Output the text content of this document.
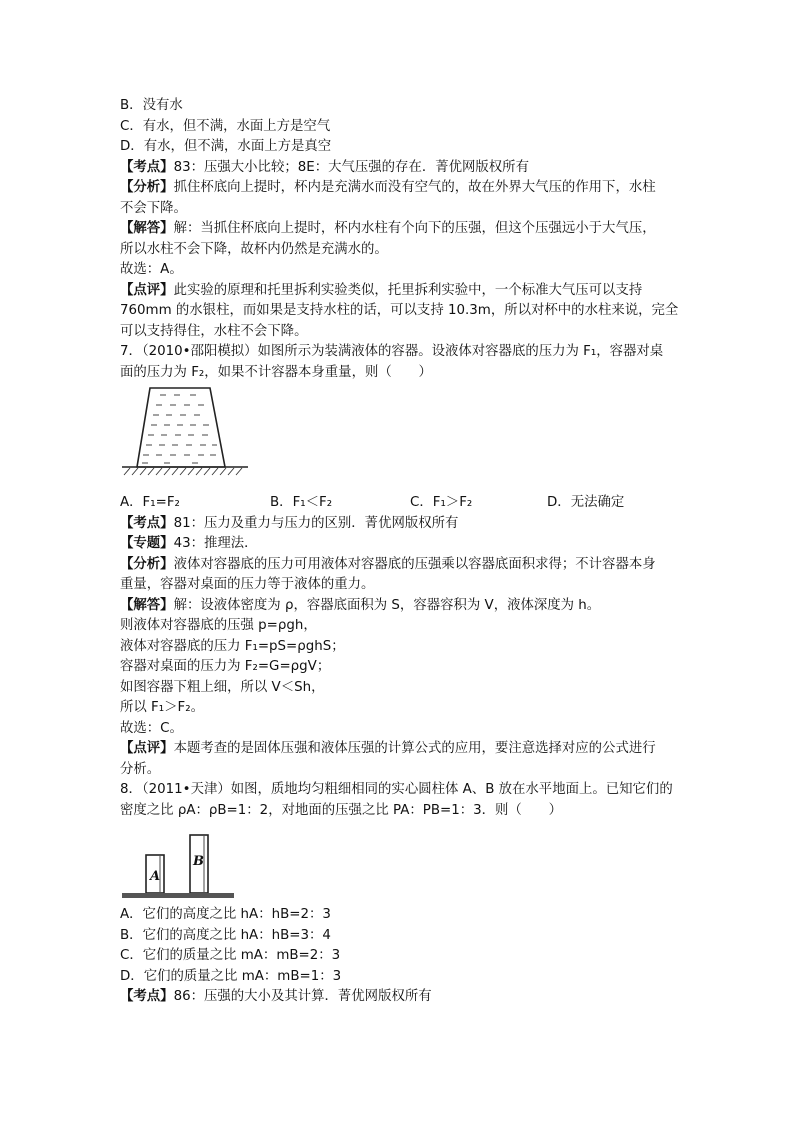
B．没有水
C．有水，但不满，水面上方是空气
D．有水，但不满，水面上方是真空
【考点】83：压强大小比较；8E：大气压强的存在．菁优网版权所有
【分析】抓住杯底向上提时，杯内是充满水而没有空气的，故在外界大气压的作用下，水柱
不会下降。
【解答】解：当抓住杯底向上提时，杯内水柱有个向下的压强，但这个压强远小于大气压，
所以水柱不会下降，故杯内仍然是充满水的。
故选：A。
【点评】此实验的原理和托里拆利实验类似，托里拆利实验中，一个标准大气压可以支持
760mm 的水银柱，而如果是支持水柱的话，可以支持 10.3m，所以对杯中的水柱来说，完全
可以支持得住，水柱不会下降。
7．（2010•邵阳模拟）如图所示为装满液体的容器。设液体对容器底的压力为 F₁，容器对桌
面的压力为 F₂，如果不计容器本身重量，则（　　）
A．F₁=F₂	B．F₁＜F₂	C．F₁＞F₂	D．无法确定
【考点】81：压力及重力与压力的区别．菁优网版权所有
【专题】43：推理法．
【分析】液体对容器底的压力可用液体对容器底的压强乘以容器底面积求得；不计容器本身
重量，容器对桌面的压力等于液体的重力。
【解答】解：设液体密度为 ρ，容器底面积为 S，容器容积为 V，液体深度为 h。
则液体对容器底的压强 p=ρgh，
液体对容器底的压力 F₁=pS=ρghS；
容器对桌面的压力为 F₂=G=ρgV；
如图容器下粗上细，所以 V＜Sh，
所以 F₁＞F₂。
故选：C。
【点评】本题考查的是固体压强和液体压强的计算公式的应用，要注意选择对应的公式进行
分析。
8．（2011•天津）如图，质地均匀粗细相同的实心圆柱体 A、B 放在水平地面上。已知它们的
密度之比 ρA：ρB=1：2，对地面的压强之比 PA：PB=1：3．则（　　）
A
B
A．它们的高度之比 hA：hB=2：3
B．它们的高度之比 hA：hB=3：4
C．它们的质量之比 mA：mB=2：3
D．它们的质量之比 mA：mB=1：3
【考点】86：压强的大小及其计算．菁优网版权所有
